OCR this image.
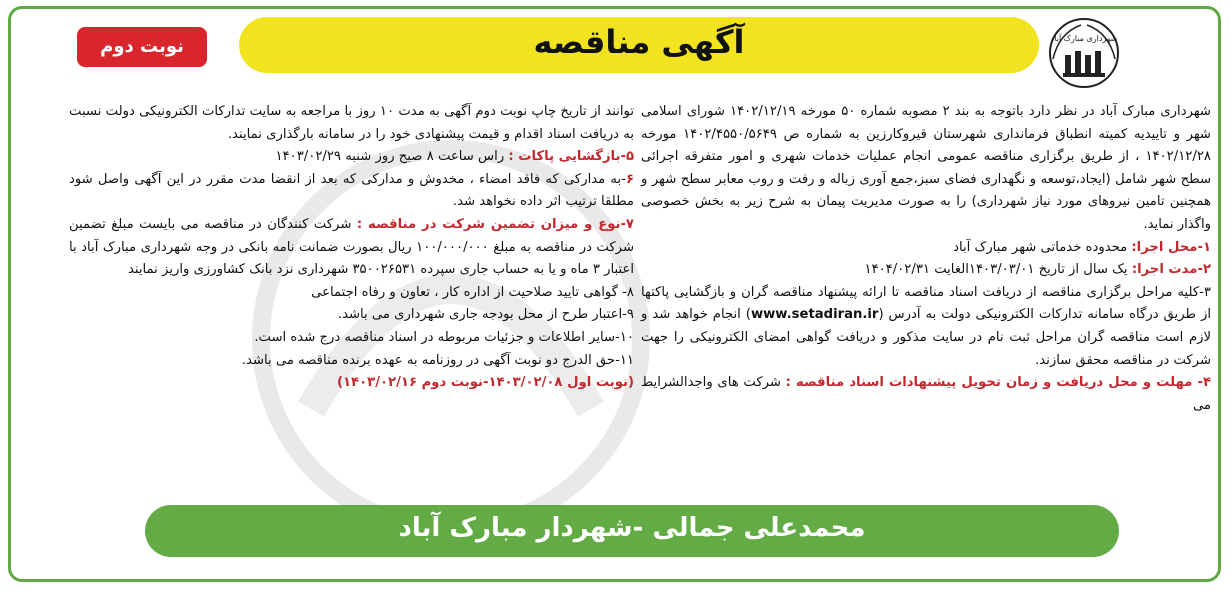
آگهی مناقصه
نوبت دوم	شهرداری مبارک آباد

شهرداری مبارک آباد در نظر دارد باتوجه به بند ۲ مصوبه شماره ۵۰ مورخه ۱۴۰۲/۱۲/۱۹ شورای اسلامی شهر و تاییدیه کمیته انطباق فرمانداری شهرستان قیروکارزین به شماره ص ۱۴۰۲/۴۵۵۰/۵۶۴۹ مورخه ۱۴۰۲/۱۲/۲۸ ، از طریق برگزاری مناقصه عمومی انجام عملیات خدمات شهری و امور متفرقه اجرائی سطح شهر شامل (ایجاد،توسعه و نگهداری فضای سبز،جمع آوری زباله و رفت و روب معابر سطح شهر و همچنین تامین نیروهای مورد نیاز شهرداری) را به صورت مدیریت پیمان به شرح زیر به بخش خصوصی واگذار نماید.

۱-محل اجرا: محدوده خدماتی شهر مبارک آباد

۲-مدت اجرا: یک سال از تاریخ ۱۴۰۳/۰۳/۰۱الغایت ۱۴۰۴/۰۲/۳۱

۳-کلیه مراحل برگزاری مناقصه از دریافت اسناد مناقصه تا ارائه پیشنهاد مناقصه گران و بازگشایی پاکتها از طریق درگاه سامانه تدارکات الکترونیکی دولت به آدرس (www.setadiran.ir) انجام خواهد شد و لازم است مناقصه گران مراحل ثبت نام در سایت مذکور و دریافت گواهی امضای الکترونیکی را جهت شرکت در مناقصه محقق سازند.

۴- مهلت و محل دریافت و زمان تحویل پیشنهادات اسناد مناقصه : شرکت های واجدالشرایط می

توانند از تاریخ چاپ نوبت دوم آگهی به مدت ۱۰ روز با مراجعه به سایت تدارکات الکترونیکی دولت نسبت به دریافت اسناد اقدام و قیمت پیشنهادی خود را در سامانه بارگذاری نمایند.

۵-بازگشایی پاکات : راس ساعت ۸ صبح روز شنبه ۱۴۰۳/۰۲/۲۹

۶-به مدارکی که فاقد امضاء ، مخدوش و مدارکی که بعد از انقضا مدت مقرر در این آگهی واصل شود مطلقا ترتیب اثر داده نخواهد شد.

۷-نوع و میزان تضمین شرکت در مناقصه : شرکت کنندگان در مناقصه می بایست مبلغ تضمین شرکت در مناقصه به مبلغ ۱۰۰/۰۰۰/۰۰۰ ریال بصورت ضمانت نامه بانکی در وجه شهرداری مبارک آباد با اعتبار ۳ ماه و یا به حساب جاری سپرده ۳۵۰۰۲۶۵۳۱ شهرداری نزد بانک کشاورزی واریز نمایند

۸- گواهی تایید صلاحیت از اداره کار ، تعاون و رفاه اجتماعی

۹-اعتبار طرح از محل بودجه جاری شهرداری می باشد.

۱۰-سایر اطلاعات و جزئیات مربوطه در اسناد مناقصه درج شده است.

۱۱-حق الدرج دو نوبت آگهی در روزنامه به عهده برنده مناقصه می باشد.

(نوبت اول ۱۴۰۳/۰۲/۰۸-نوبت دوم ۱۴۰۳/۰۲/۱۶)

محمدعلی جمالی -شهردار مبارک آباد
